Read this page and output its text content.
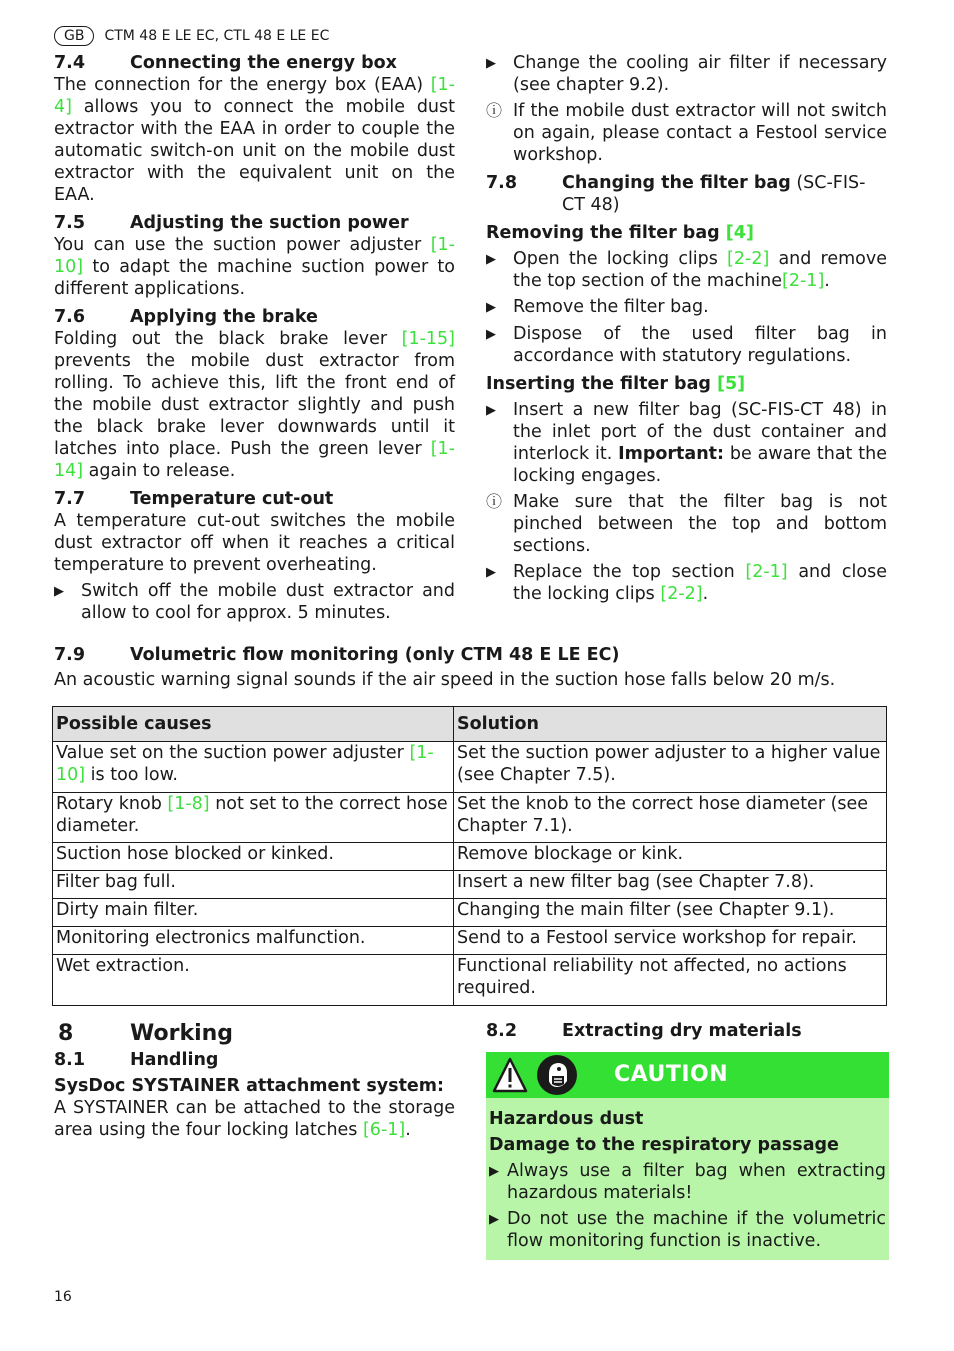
GB	CTM 48 E LE EC, CTL 48 E LE EC
7.4	Connecting the energy box

The connection for the energy box (EAA) [1-4] allows you to connect the mobile dust extractor with the EAA in order to couple the automatic switch-on unit on the mobile dust extractor with the equivalent unit on the EAA.

7.5	Adjusting the suction power

You can use the suction power adjuster [1-10] to adapt the machine suction power to different applications.

7.6	Applying the brake

Folding out the black brake lever [1-15] prevents the mobile dust extractor from rolling. To achieve this, lift the front end of the mobile dust extractor slightly and push the black brake lever downwards until it latches into place. Push the green lever [1-14] again to release.

7.7	Temperature cut-out

A temperature cut-out switches the mobile dust extractor off when it reaches a critical temperature to prevent overheating.

▶ Switch off the mobile dust extractor and allow to cool for approx. 5 minutes.
▶ Change the cooling air filter if necessary (see chapter 9.2).
ⓘ If the mobile dust extractor will not switch on again, please contact a Festool service workshop.
7.8	Changing the filter bag (SC-FIS-CT 48)
Removing the filter bag [4]
▶ Open the locking clips [2-2] and remove the top section of the machine[2-1].
▶ Remove the filter bag.
▶ Dispose of the used filter bag in accordance with statutory regulations.
Inserting the filter bag [5]
▶ Insert a new filter bag (SC-FIS-CT 48) in the inlet port of the dust container and interlock it. Important: be aware that the locking engages.
ⓘ Make sure that the filter bag is not pinched between the top and bottom sections.
▶ Replace the top section [2-1] and close the locking clips [2-2].
7.9	Volumetric flow monitoring (only CTM 48 E LE EC)

An acoustic warning signal sounds if the air speed in the suction hose falls below 20 m/s.

Possible causes	Solution
Value set on the suction power adjuster [1-10] is too low.	Set the suction power adjuster to a higher value (see Chapter 7.5).
Rotary knob [1-8] not set to the correct hose diameter.	Set the knob to the correct hose diameter (see Chapter 7.1).
Suction hose blocked or kinked.	Remove blockage or kink.
Filter bag full.	Insert a new filter bag (see Chapter 7.8).
Dirty main filter.	Changing the main filter (see Chapter 9.1).
Monitoring electronics malfunction.	Send to a Festool service workshop for repair.
Wet extraction.	Functional reliability not affected, no actions required.
8	Working
8.1	Handling
SysDoc SYSTAINER attachment system:

A SYSTAINER can be attached to the storage area using the four locking latches [6-1].

8.2	Extracting dry materials
CAUTION
Hazardous dust
Damage to the respiratory passage
▶ Always use a filter bag when extracting hazardous materials!
▶ Do not use the machine if the volumetric flow monitoring function is inactive.
16
